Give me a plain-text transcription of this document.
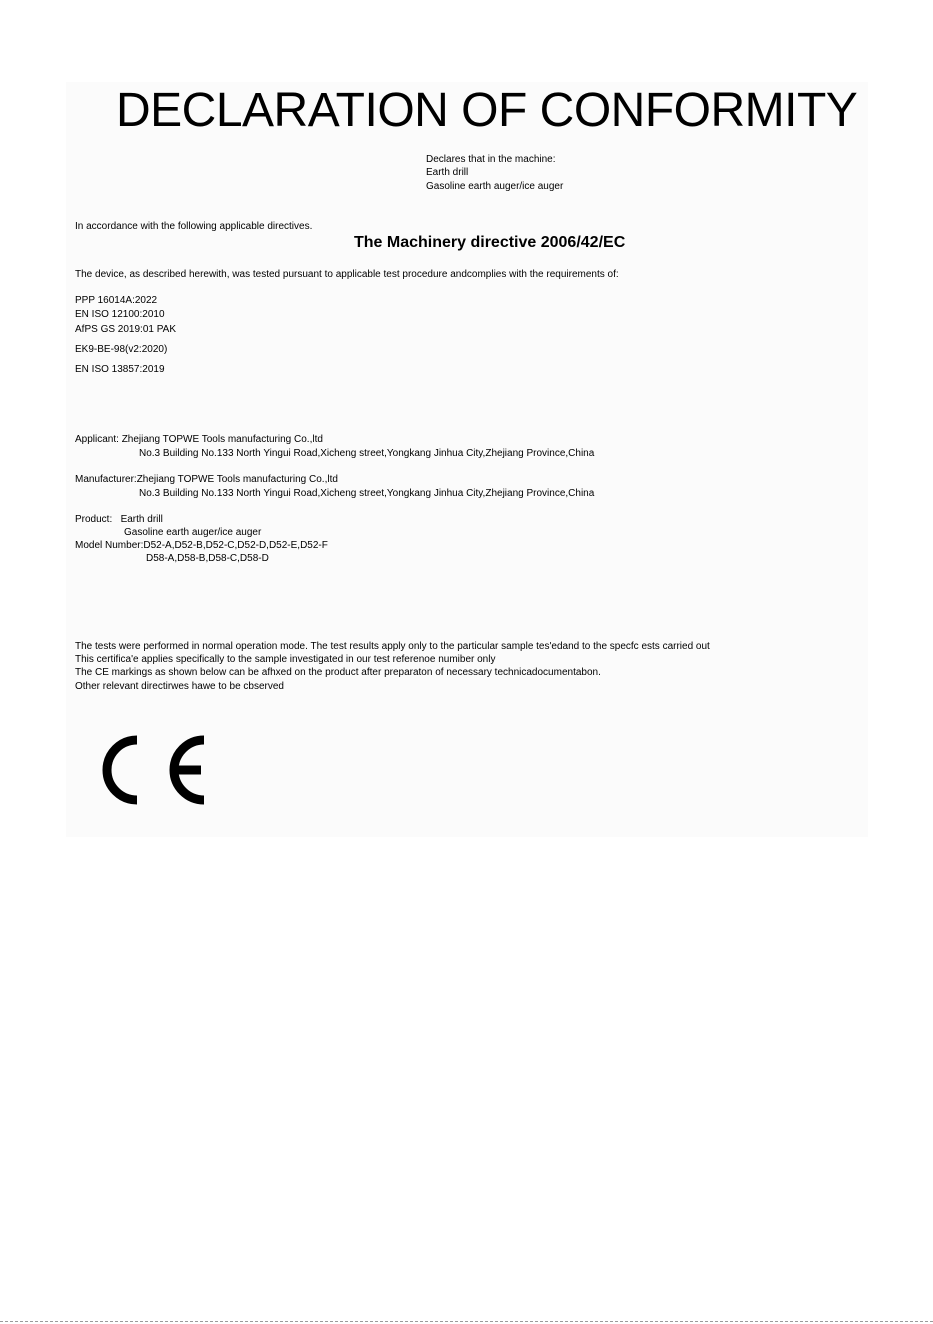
DECLARATION OF CONFORMITY
Declares that in the machine:
Earth drill
Gasoline earth auger/ice auger
In accordance with the following applicable directives.
The Machinery directive 2006/42/EC
The device, as described herewith, was tested pursuant to applicable test procedure andcomplies with the requirements of:
PPP 16014A:2022
EN ISO 12100:2010
AfPS GS 2019:01 PAK
EK9-BE-98(v2:2020)
EN ISO 13857:2019
Applicant: Zhejiang TOPWE Tools manufacturing Co.,ltd
No.3 Building No.133 North Yingui Road,Xicheng street,Yongkang Jinhua City,Zhejiang Province,China
Manufacturer:Zhejiang TOPWE Tools manufacturing Co.,ltd
No.3 Building No.133 North Yingui Road,Xicheng street,Yongkang Jinhua City,Zhejiang Province,China
Product:   Earth drill
Gasoline earth auger/ice auger
Model Number:D52-A,D52-B,D52-C,D52-D,D52-E,D52-F
D58-A,D58-B,D58-C,D58-D
The tests were performed in normal operation mode. The test results apply only to the particular sample tes'edand to the specfc ests carried out
This certifica'e applies specifically to the sample investigated in our test referenoe numiber only
The CE markings as shown below can be afhxed on the product after preparaton of necessary technicadocumentabon.
Other relevant directirwes hawe to be cbserved
